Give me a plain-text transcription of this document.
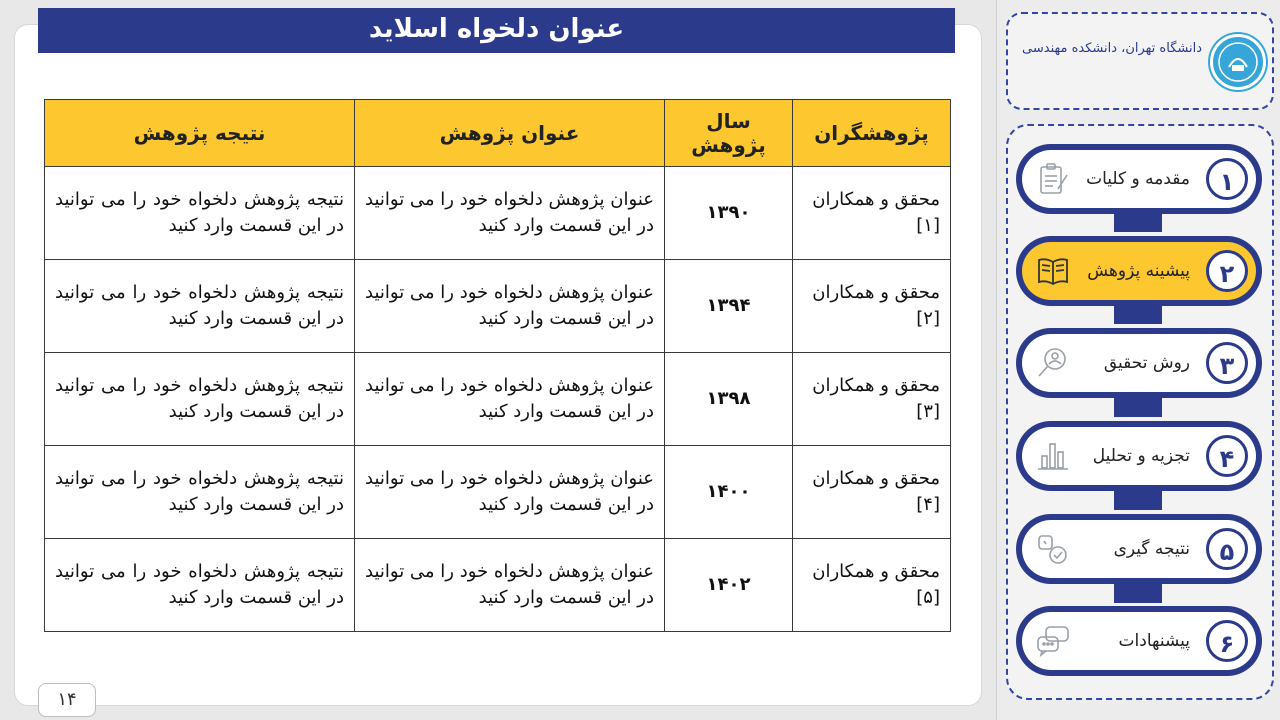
عنوان دلخواه اسلاید
پژوهشگران	سال پژوهش	عنوان پژوهش	نتیجه پژوهش
محقق و همکاران [۱]	۱۳۹۰	عنوان پژوهش دلخواه خود را می توانید در این قسمت وارد کنید	نتیجه پژوهش دلخواه خود را می توانید در این قسمت وارد کنید
محقق و همکاران [۲]	۱۳۹۴	عنوان پژوهش دلخواه خود را می توانید در این قسمت وارد کنید	نتیجه پژوهش دلخواه خود را می توانید در این قسمت وارد کنید
محقق و همکاران [۳]	۱۳۹۸	عنوان پژوهش دلخواه خود را می توانید در این قسمت وارد کنید	نتیجه پژوهش دلخواه خود را می توانید در این قسمت وارد کنید
محقق و همکاران [۴]	۱۴۰۰	عنوان پژوهش دلخواه خود را می توانید در این قسمت وارد کنید	نتیجه پژوهش دلخواه خود را می توانید در این قسمت وارد کنید
محقق و همکاران [۵]	۱۴۰۲	عنوان پژوهش دلخواه خود را می توانید در این قسمت وارد کنید	نتیجه پژوهش دلخواه خود را می توانید در این قسمت وارد کنید
۱۴
دانشگاه تهران، دانشکده مهندسی
۱
مقدمه و کلیات
۲
پیشینه پژوهش
۳
روش تحقیق
۴
تجزیه و تحلیل
۵
نتیجه گیری
۶
پیشنهادات
